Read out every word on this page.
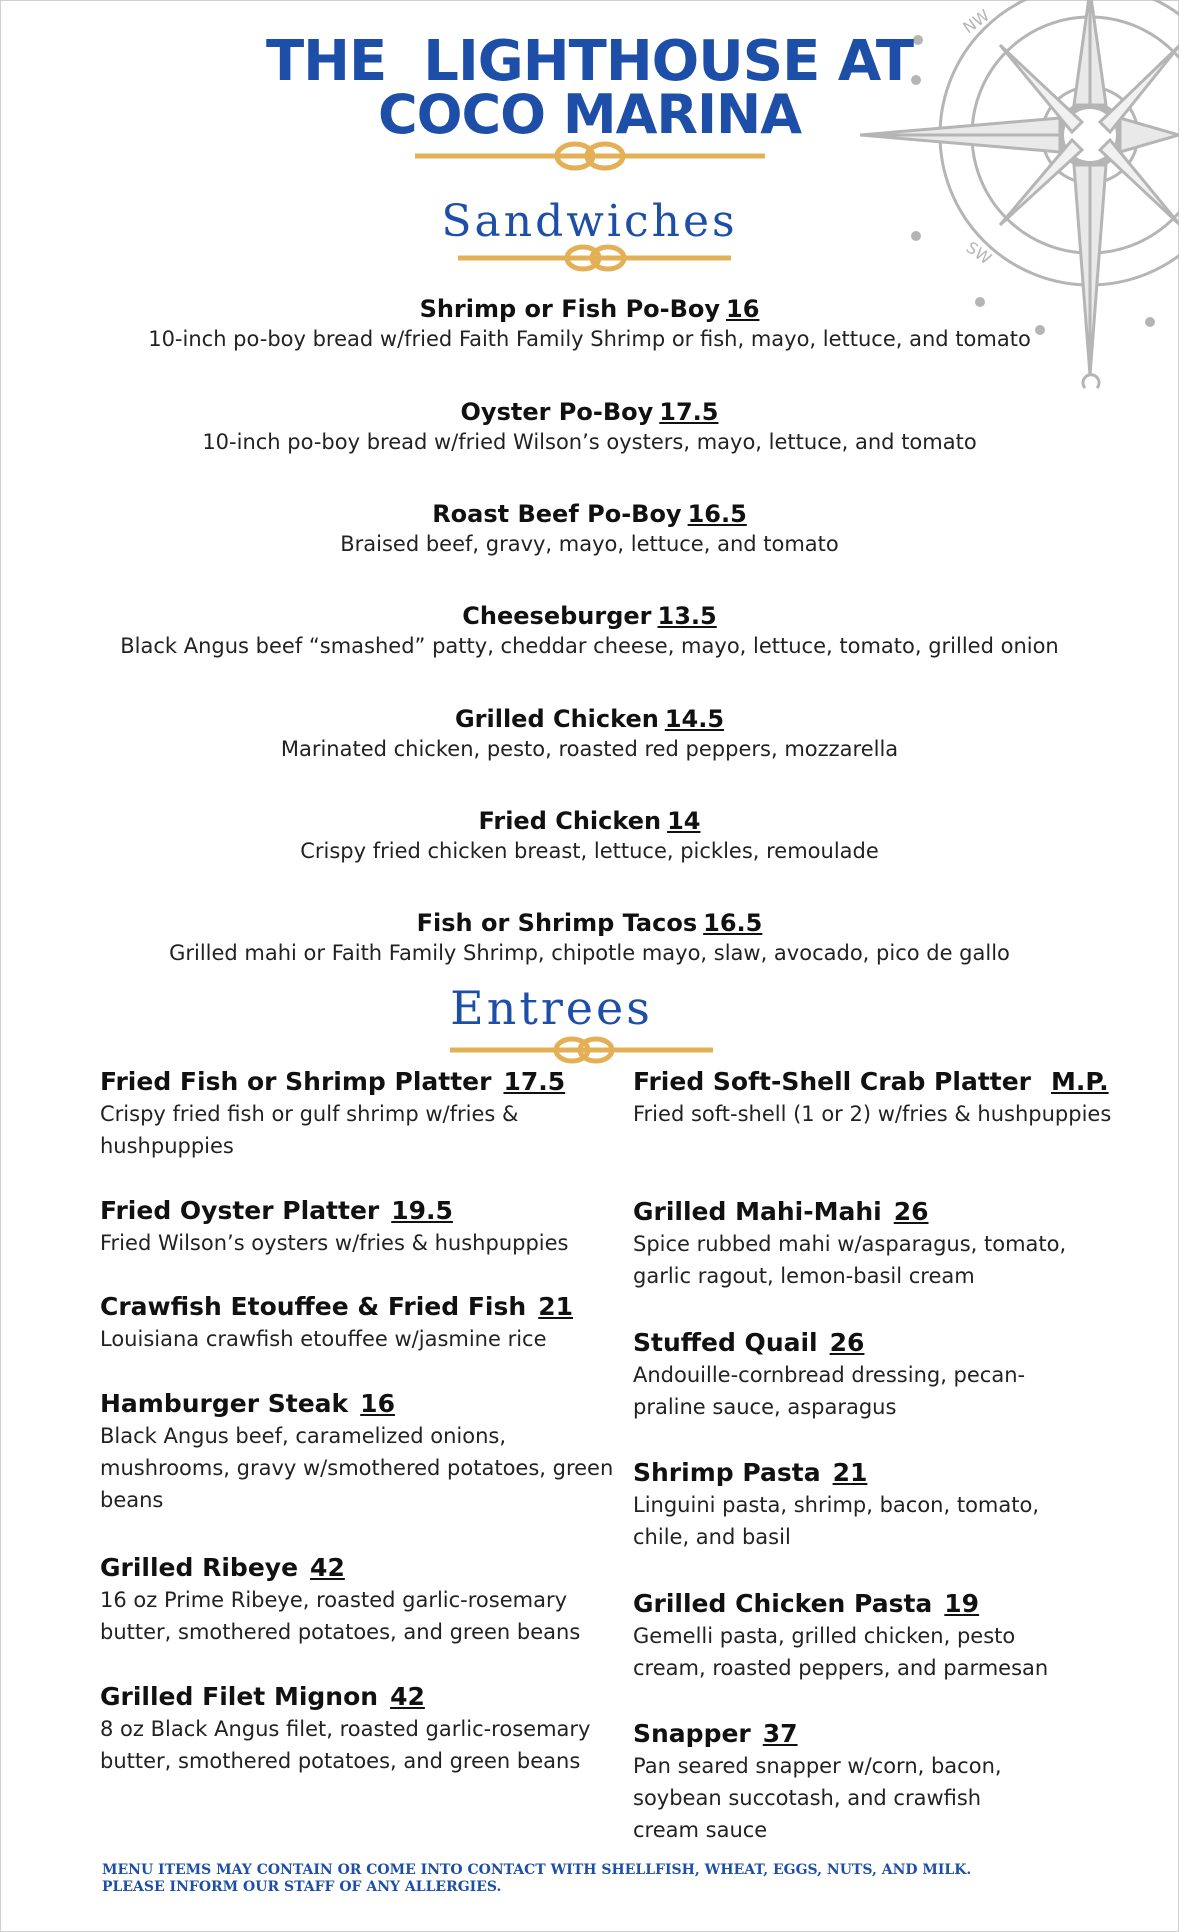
NW
SW
THE  LIGHTHOUSE AT
COCO MARINA
Sandwiches
Shrimp or Fish Po-Boy 16
10-inch po-boy bread w/fried Faith Family Shrimp or fish, mayo, lettuce, and tomato
Oyster Po-Boy 17.5
10-inch po-boy bread w/fried Wilson’s oysters, mayo, lettuce, and tomato
Roast Beef Po-Boy 16.5
Braised beef, gravy, mayo, lettuce, and tomato
Cheeseburger 13.5
Black Angus beef “smashed” patty, cheddar cheese, mayo, lettuce, tomato, grilled onion
Grilled Chicken 14.5
Marinated chicken, pesto, roasted red peppers, mozzarella
Fried Chicken 14
Crispy fried chicken breast, lettuce, pickles, remoulade
Fish or Shrimp Tacos 16.5
Grilled mahi or Faith Family Shrimp, chipotle mayo, slaw, avocado, pico de gallo
Entrees
Fried Fish or Shrimp Platter 17.5
Crispy fried fish or gulf shrimp w/fries & hushpuppies
Fried Oyster Platter 19.5
Fried Wilson’s oysters w/fries & hushpuppies
Crawfish Etouffee & Fried Fish 21
Louisiana crawfish etouffee w/jasmine rice
Hamburger Steak 16
Black Angus beef, caramelized onions, mushrooms, gravy w/smothered potatoes, green beans
Grilled Ribeye 42
16 oz Prime Ribeye, roasted garlic-rosemary butter, smothered potatoes, and green beans
Grilled Filet Mignon 42
8 oz Black Angus filet, roasted garlic-rosemary butter, smothered potatoes, and green beans
Fried Soft-Shell Crab Platter M.P.
Fried soft-shell (1 or 2) w/fries & hushpuppies
Grilled Mahi-Mahi 26
Spice rubbed mahi w/asparagus, tomato, garlic ragout, lemon-basil cream
Stuffed Quail 26
Andouille-cornbread dressing, pecan-praline sauce, asparagus
Shrimp Pasta 21
Linguini pasta, shrimp, bacon, tomato, chile, and basil
Grilled Chicken Pasta 19
Gemelli pasta, grilled chicken, pesto cream, roasted peppers, and parmesan
Snapper 37
Pan seared snapper w/corn, bacon, soybean succotash, and crawfish cream sauce
MENU ITEMS MAY CONTAIN OR COME INTO CONTACT WITH SHELLFISH, WHEAT, EGGS, NUTS, AND MILK.
PLEASE INFORM OUR STAFF OF ANY ALLERGIES.
